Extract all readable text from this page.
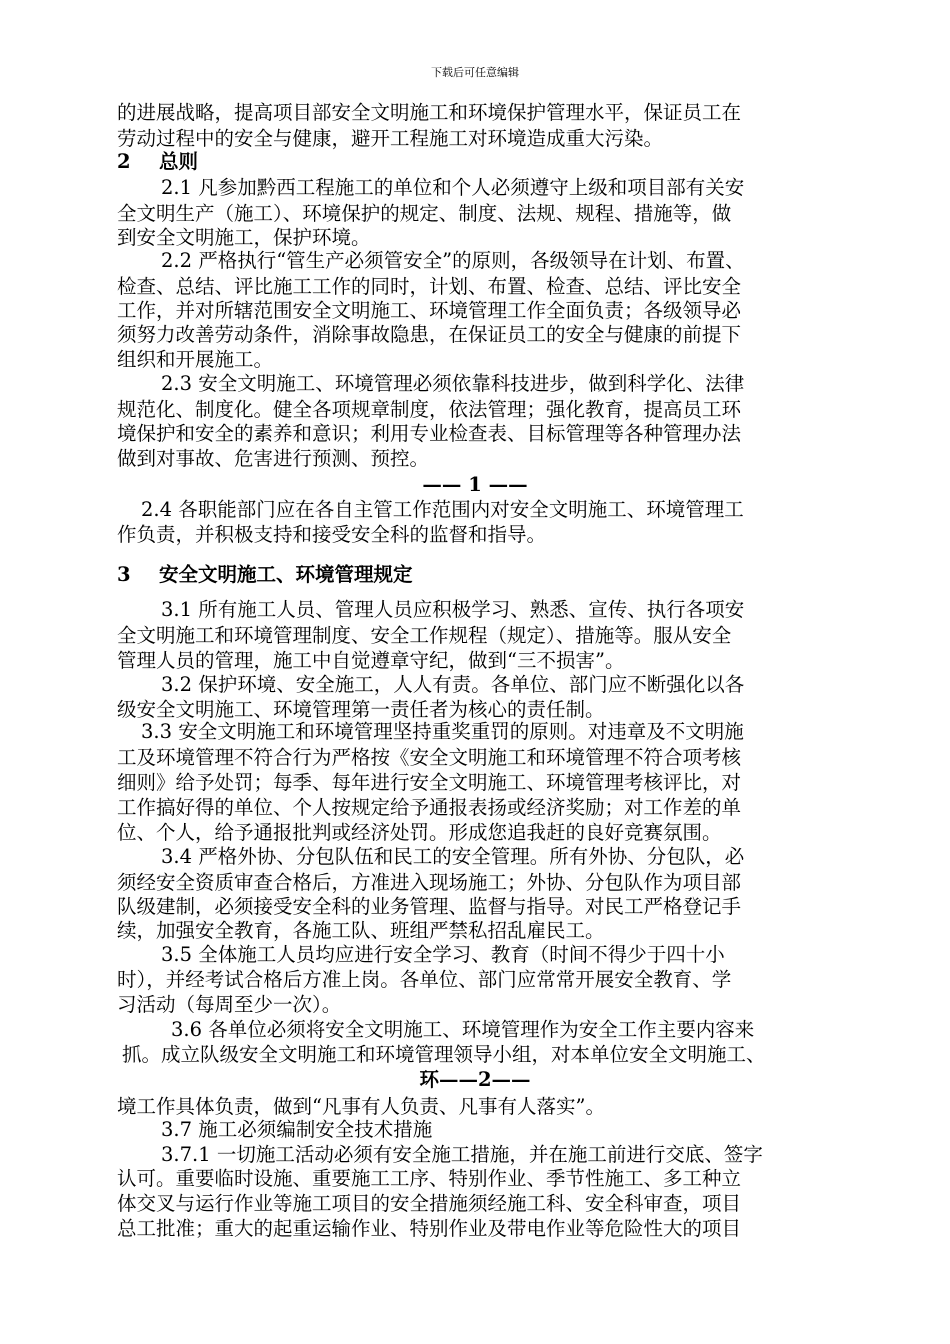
下载后可任意编辑
的进展战略，提高项目部安全文明施工和环境保护管理水平，保证员工在
劳动过程中的安全与健康，避开工程施工对环境造成重大污染。
2 总则
2.1 凡参加黔西工程施工的单位和个人必须遵守上级和项目部有关安
全文明生产（施工）、环境保护的规定、制度、法规、规程、措施等，做
到安全文明施工，保护环境。
2.2 严格执行“管生产必须管安全”的原则，各级领导在计划、布置、
检查、总结、评比施工工作的同时，计划、布置、检查、总结、评比安全
工作，并对所辖范围安全文明施工、环境管理工作全面负责；各级领导必
须努力改善劳动条件，消除事故隐患，在保证员工的安全与健康的前提下
组织和开展施工。
2.3 安全文明施工、环境管理必须依靠科技进步，做到科学化、法律
规范化、制度化。健全各项规章制度，依法管理；强化教育，提高员工环
境保护和安全的素养和意识；利用专业检查表、目标管理等各种管理办法
做到对事故、危害进行预测、预控。
—— 1 ——
2.4 各职能部门应在各自主管工作范围内对安全文明施工、环境管理工
作负责，并积极支持和接受安全科的监督和指导。
3 安全文明施工、环境管理规定
3.1 所有施工人员、管理人员应积极学习、熟悉、宣传、执行各项安
全文明施工和环境管理制度、安全工作规程（规定）、措施等。服从安全
管理人员的管理，施工中自觉遵章守纪，做到“三不损害”。
3.2 保护环境、安全施工，人人有责。各单位、部门应不断强化以各
级安全文明施工、环境管理第一责任者为核心的责任制。
3.3 安全文明施工和环境管理坚持重奖重罚的原则。对违章及不文明施
工及环境管理不符合行为严格按《安全文明施工和环境管理不符合项考核
细则》给予处罚；每季、每年进行安全文明施工、环境管理考核评比，对
工作搞好得的单位、个人按规定给予通报表扬或经济奖励；对工作差的单
位、个人，给予通报批判或经济处罚。形成您追我赶的良好竞赛氛围。
3.4 严格外协、分包队伍和民工的安全管理。所有外协、分包队，必
须经安全资质审查合格后，方准进入现场施工；外协、分包队作为项目部
队级建制，必须接受安全科的业务管理、监督与指导。对民工严格登记手
续，加强安全教育，各施工队、班组严禁私招乱雇民工。
3.5 全体施工人员均应进行安全学习、教育（时间不得少于四十小
时），并经考试合格后方准上岗。各单位、部门应常常开展安全教育、学
习活动（每周至少一次）。
3.6 各单位必须将安全文明施工、环境管理作为安全工作主要内容来
抓。成立队级安全文明施工和环境管理领导小组，对本单位安全文明施工、
环——2——
境工作具体负责，做到“凡事有人负责、凡事有人落实”。
3.7 施工必须编制安全技术措施
3.7.1 一切施工活动必须有安全施工措施，并在施工前进行交底、签字
认可。重要临时设施、重要施工工序、特别作业、季节性施工、多工种立
体交叉与运行作业等施工项目的安全措施须经施工科、安全科审查，项目
总工批准；重大的起重运输作业、特别作业及带电作业等危险性大的项目
